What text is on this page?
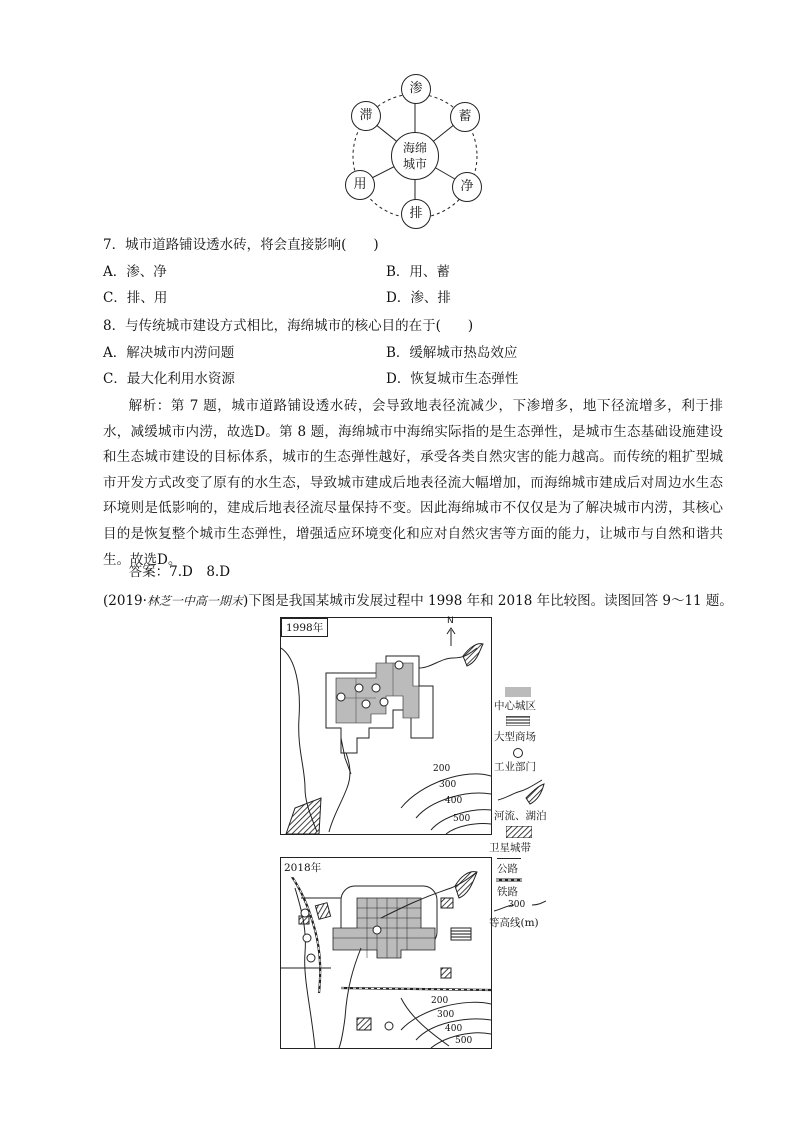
海绵
城市
渗
蓄
净
排
用
滞
7．城市道路铺设透水砖，将会直接影响(　　)
A．渗、净	B．用、蓄
C．排、用	D．渗、排
8．与传统城市建设方式相比，海绵城市的核心目的在于(　　)
A．解决城市内涝问题	B．缓解城市热岛效应
C．最大化利用水资源	D．恢复城市生态弹性
解析：第 7 题，城市道路铺设透水砖，会导致地表径流减少，下渗增多，地下径流增多，利于排水，减缓城市内涝，故选D。第 8 题，海绵城市中海绵实际指的是生态弹性，是城市生态基础设施建设和生态城市建设的目标体系，城市的生态弹性越好，承受各类自然灾害的能力越高。而传统的粗扩型城市开发方式改变了原有的水生态，导致城市建成后地表径流大幅增加，而海绵城市建成后对周边水生态环境则是低影响的，建成后地表径流尽量保持不变。因此海绵城市不仅仅是为了解决城市内涝，其核心目的是恢复整个城市生态弹性，增强适应环境变化和应对自然灾害等方面的能力，让城市与自然和谐共生。故选D。
答案：7.D　8.D
(2019·林芝一中高一期末)下图是我国某城市发展过程中 1998 年和 2018 年比较图。读图回答 9～11 题。
1998年
N
200
300
400
500
2018年
200
300
400
500
中心城区
大型商场
工业部门
河流、湖泊
卫星城带
公路
铁路
300
等高线(m)
